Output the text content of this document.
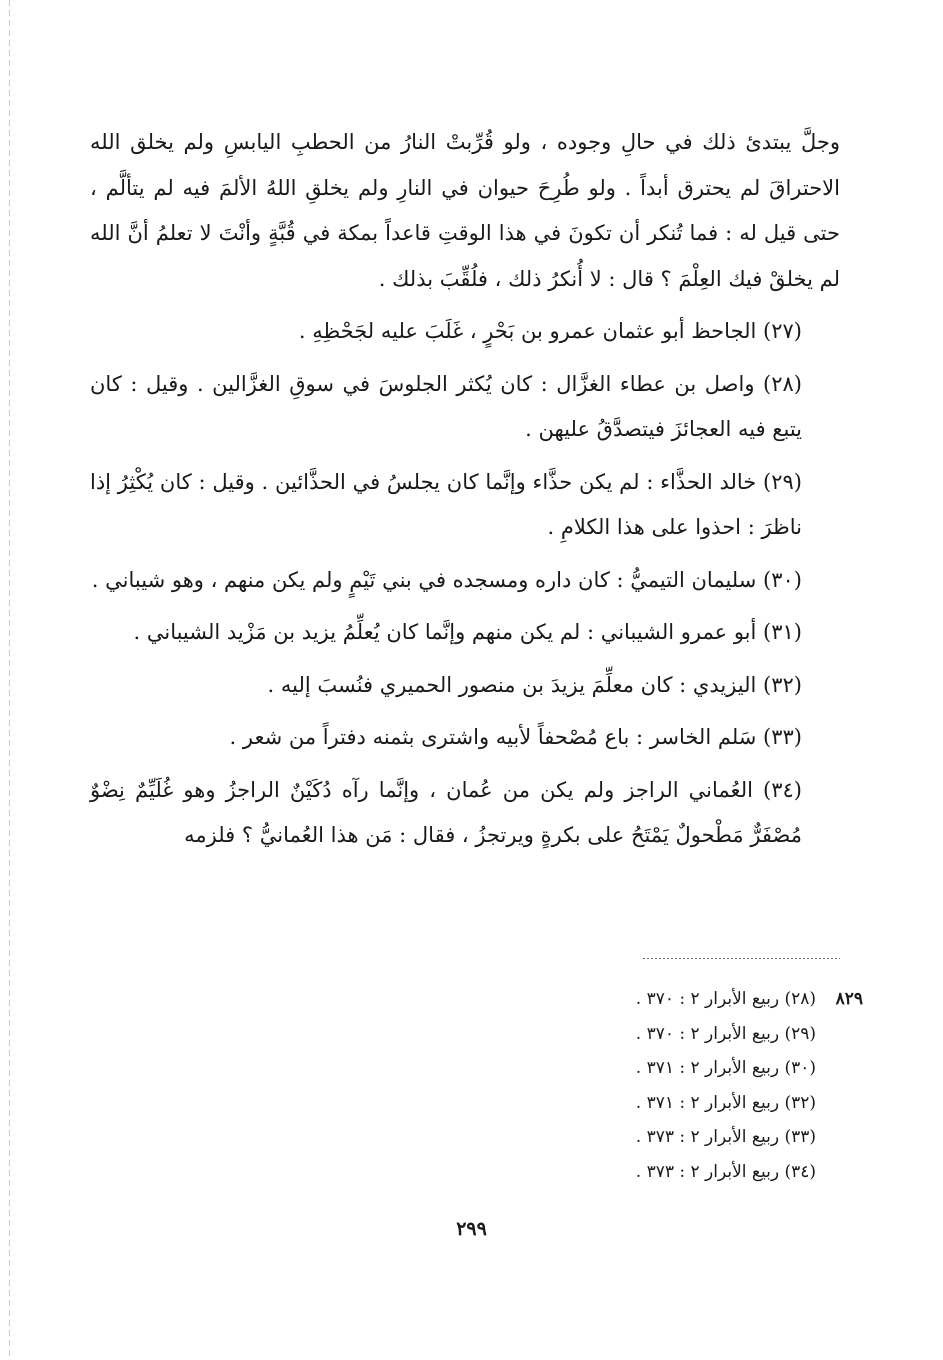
وجلَّ يبتدئ ذلك في حالِ وجوده ، ولو قُرِّبتْ النارُ من الحطبِ اليابسِ ولم يخلق الله الاحتراقَ لم يحترق أبداً . ولو طُرِحَ حيوان في النارِ ولم يخلقِ اللهُ الألمَ فيه لم يتألَّم ، حتى قيل له : فما تُنكر أن تكونَ في هذا الوقتِ قاعداً بمكة في قُبَّةٍ وأنْتَ لا تعلمُ أنَّ الله لم يخلقْ فيك العِلْمَ ؟ قال : لا أُنكرُ ذلك ، فلُقِّبَ بذلك .

(٢٧) الجاحظ أبو عثمان عمرو بن بَحْرٍ ، غَلَبَ عليه لجَحْظِهِ .

(٢٨) واصل بن عطاء الغزَّال : كان يُكثر الجلوسَ في سوقِ الغزَّالين . وقيل : كان يتبع فيه العجائزَ فيتصدَّقُ عليهن .

(٢٩) خالد الحذَّاء : لم يكن حذَّاء وإنَّما كان يجلسُ في الحذَّائين . وقيل : كان يُكْثِرُ إذا ناظرَ : احذوا على هذا الكلامِ .

(٣٠) سليمان التيميُّ : كان داره ومسجده في بني تَيْمٍ ولم يكن منهم ، وهو شيباني .

(٣١) أبو عمرو الشيباني : لم يكن منهم وإنَّما كان يُعلِّمُ يزيد بن مَزْيد الشيباني .

(٣٢) اليزيدي : كان معلِّمَ يزيدَ بن منصور الحميري فنُسبَ إليه .

(٣٣) سَلم الخاسر : باع مُصْحفاً لأبيه واشترى بثمنه دفتراً من شعر .

(٣٤) العُماني الراجز ولم يكن من عُمان ، وإنَّما رآه دُكَيْنٌ الراجزُ وهو غُلَيِّمٌ نِضْوٌ مُصْفَرٌّ مَطْحولٌ يَمْتَحُ على بكرةٍ ويرتجزُ ، فقال : مَن هذا العُمانيُّ ؟ فلزمه

٨٢٩
(٢٨) ربيع الأبرار ٢ : ٣٧٠ .
(٢٩) ربيع الأبرار ٢ : ٣٧٠ .
(٣٠) ربيع الأبرار ٢ : ٣٧١ .
(٣٢) ربيع الأبرار ٢ : ٣٧١ .
(٣٣) ربيع الأبرار ٢ : ٣٧٣ .
(٣٤) ربيع الأبرار ٢ : ٣٧٣ .
٢٩٩
